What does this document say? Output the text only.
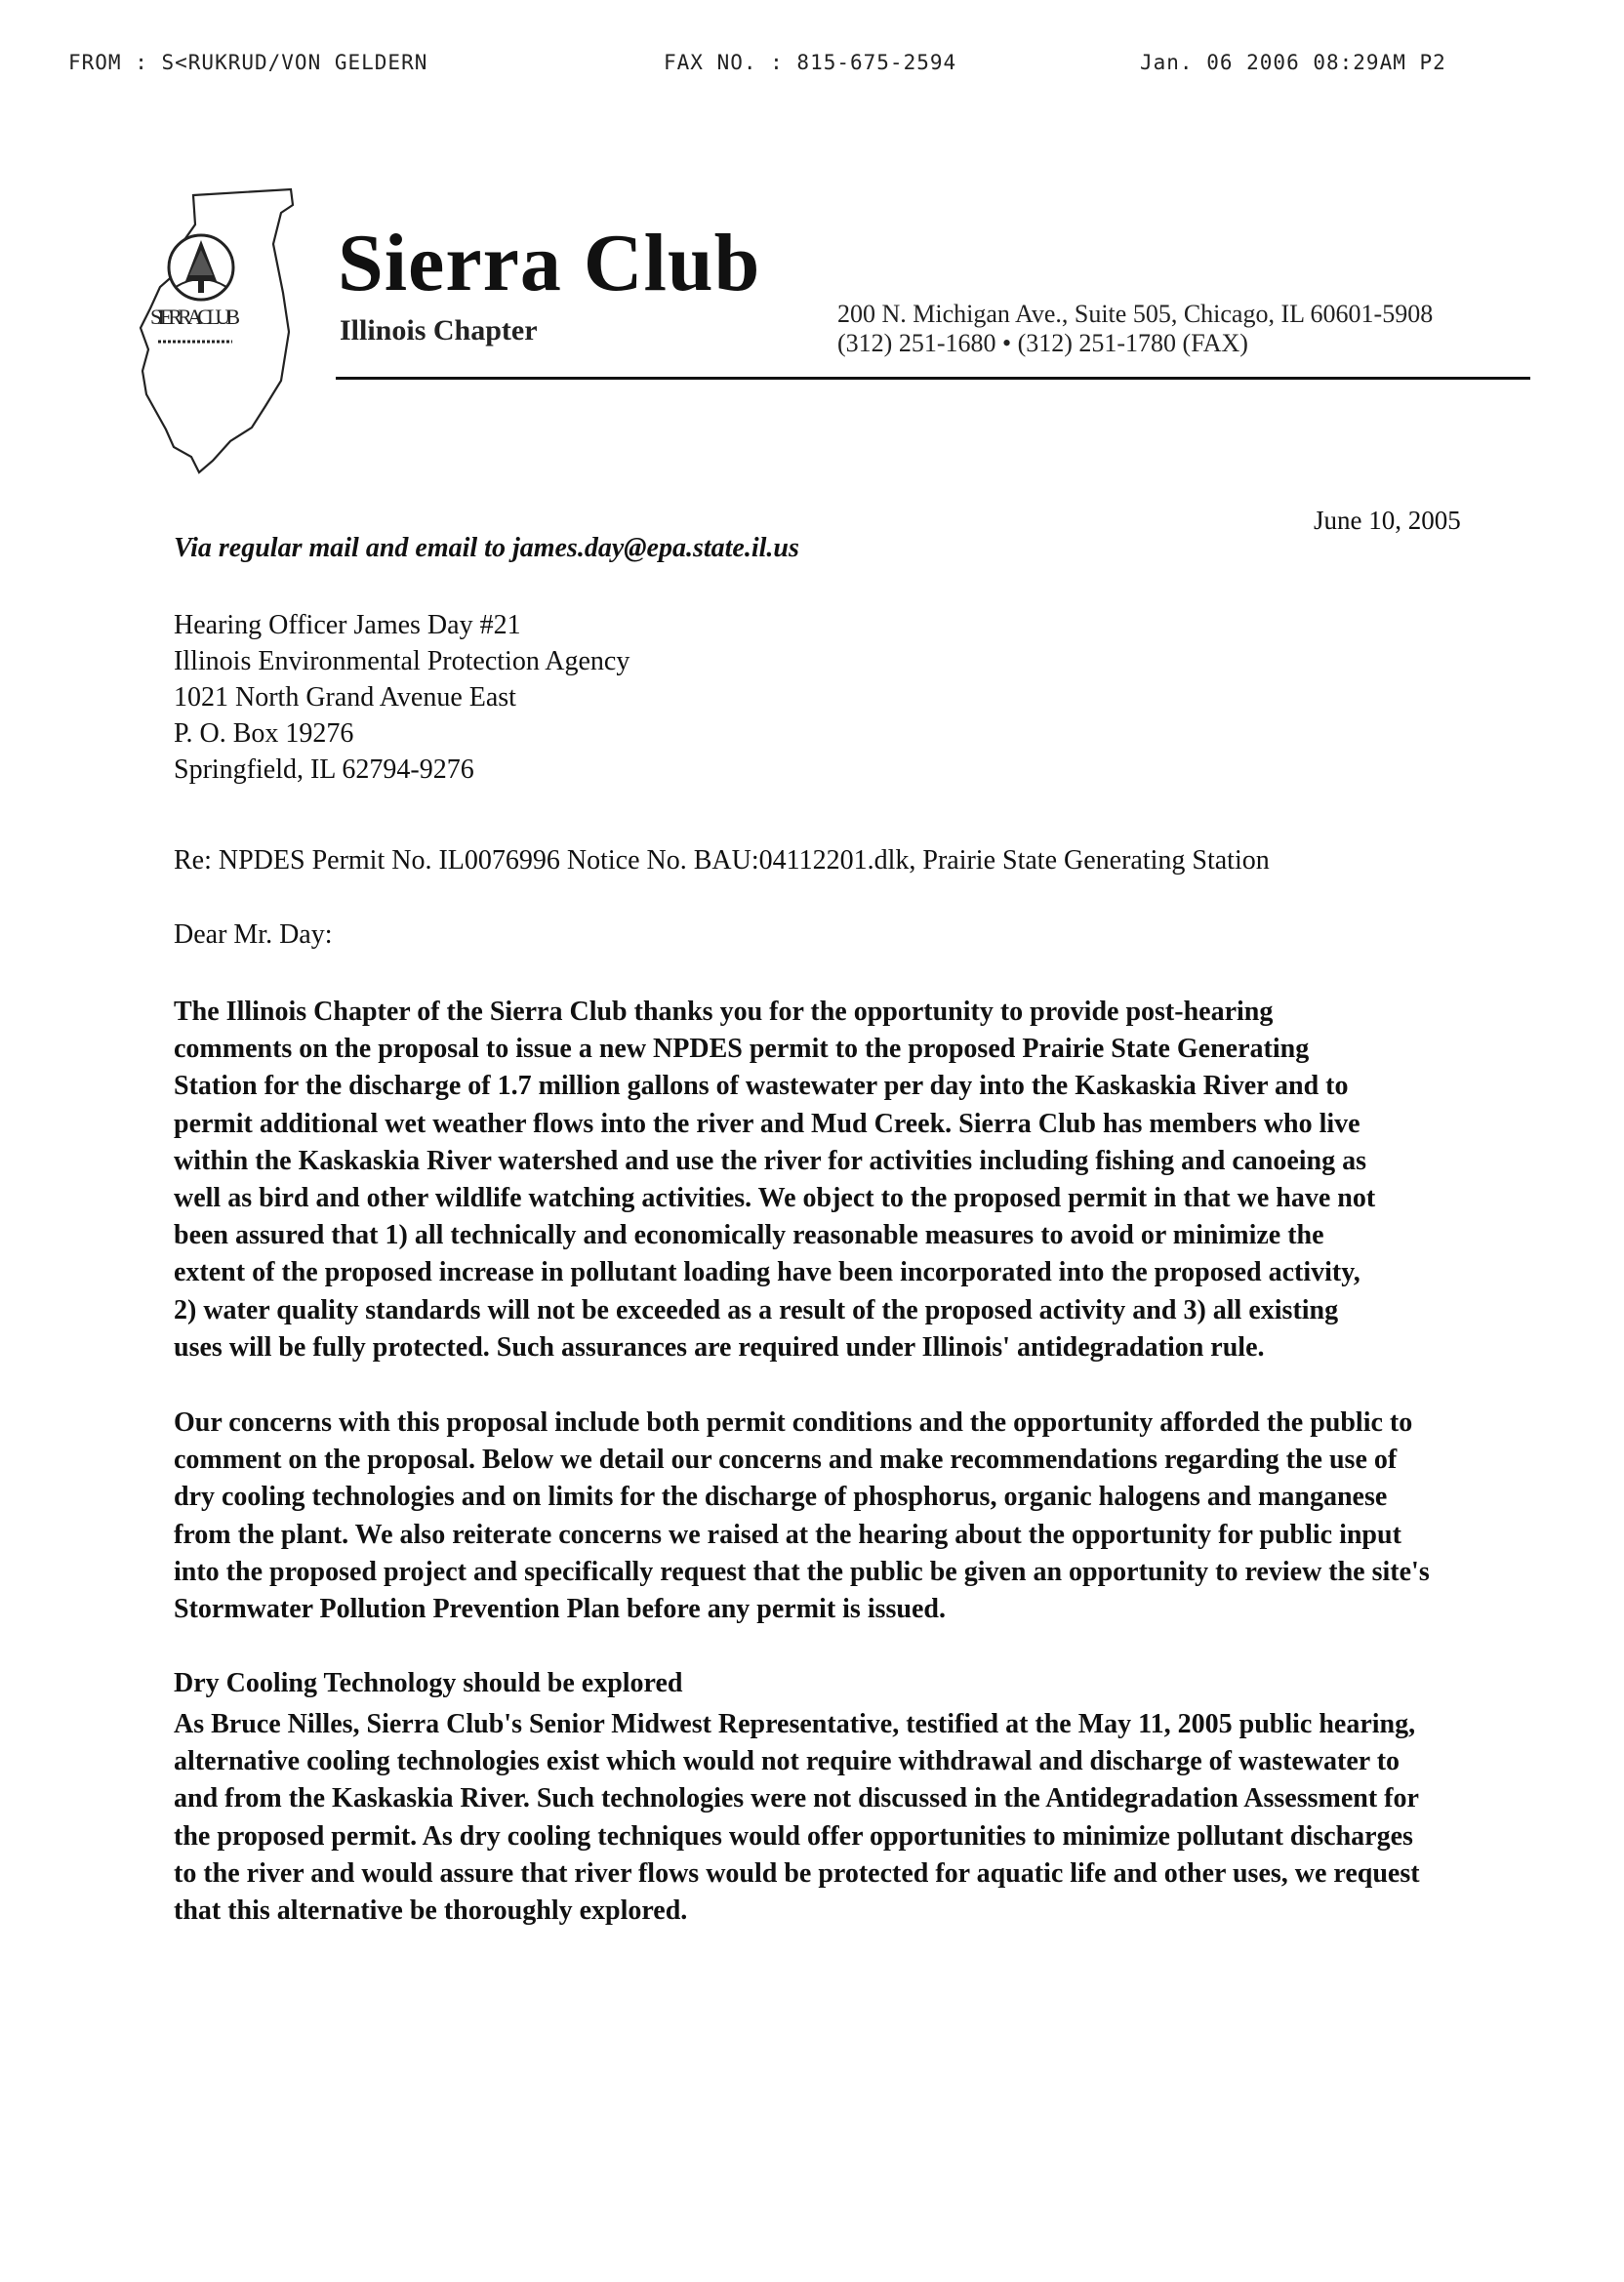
FROM : S<RUKRUD/VON GELDERN	FAX NO. : 815-675-2594	Jan. 06 2006 08:29AM P2
SIERRA CLUB
Sierra Club
Illinois Chapter
200 N. Michigan Ave., Suite 505, Chicago, IL 60601-5908
(312) 251-1680 • (312) 251-1780 (FAX)
June 10, 2005
Via regular mail and email to james.day@epa.state.il.us
Hearing Officer James Day #21
Illinois Environmental Protection Agency
1021 North Grand Avenue East
P. O. Box 19276
Springfield, IL 62794-9276
Re: NPDES Permit No. IL0076996 Notice No. BAU:04112201.dlk, Prairie State Generating Station
Dear Mr. Day:
The Illinois Chapter of the Sierra Club thanks you for the opportunity to provide post-hearing
comments on the proposal to issue a new NPDES permit to the proposed Prairie State Generating
Station for the discharge of 1.7 million gallons of wastewater per day into the Kaskaskia River and to
permit additional wet weather flows into the river and Mud Creek. Sierra Club has members who live
within the Kaskaskia River watershed and use the river for activities including fishing and canoeing as
well as bird and other wildlife watching activities. We object to the proposed permit in that we have not
been assured that 1) all technically and economically reasonable measures to avoid or minimize the
extent of the proposed increase in pollutant loading have been incorporated into the proposed activity,
2) water quality standards will not be exceeded as a result of the proposed activity and 3) all existing
uses will be fully protected. Such assurances are required under Illinois' antidegradation rule.
Our concerns with this proposal include both permit conditions and the opportunity afforded the public to
comment on the proposal. Below we detail our concerns and make recommendations regarding the use of
dry cooling technologies and on limits for the discharge of phosphorus, organic halogens and manganese
from the plant. We also reiterate concerns we raised at the hearing about the opportunity for public input
into the proposed project and specifically request that the public be given an opportunity to review the site's
Stormwater Pollution Prevention Plan before any permit is issued.
Dry Cooling Technology should be explored
As Bruce Nilles, Sierra Club's Senior Midwest Representative, testified at the May 11, 2005 public hearing,
alternative cooling technologies exist which would not require withdrawal and discharge of wastewater to
and from the Kaskaskia River. Such technologies were not discussed in the Antidegradation Assessment for
the proposed permit. As dry cooling techniques would offer opportunities to minimize pollutant discharges
to the river and would assure that river flows would be protected for aquatic life and other uses, we request
that this alternative be thoroughly explored.
